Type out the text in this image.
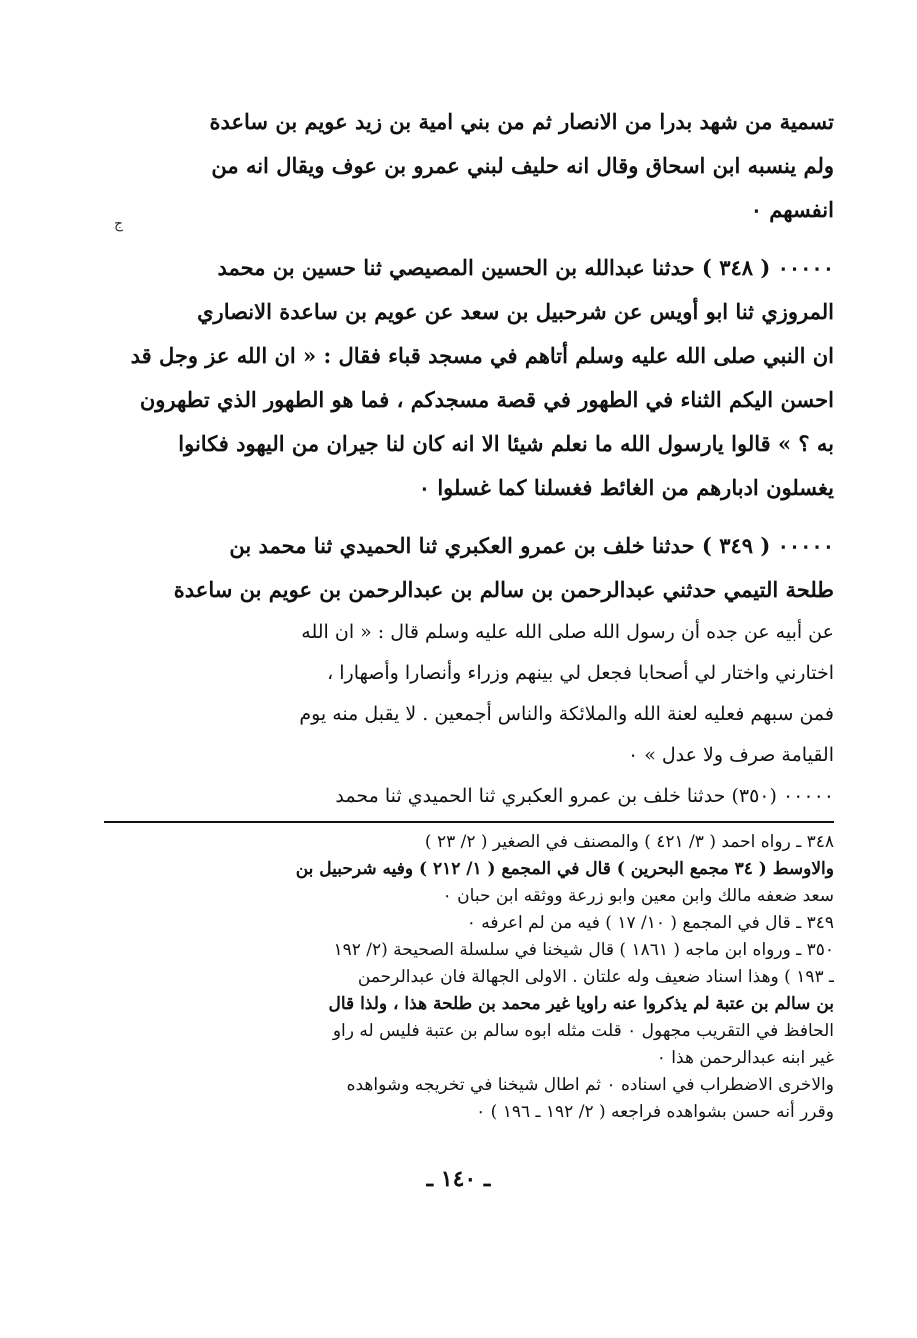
ج
تسمية من شهد بدرا من الانصار ثم من بني امية بن زيد عويم بن ساعدة
ولم ينسبه ابن اسحاق وقال انه حليف لبني عمرو بن عوف ويقال انه من
انفسهم ٠
٠٠٠٠٠ ( ٣٤٨ ) حدثنا عبدالله بن الحسين المصيصي ثنا حسين بن محمد
المروزي ثنا ابو أويس عن شرحبيل بن سعد عن عويم بن ساعدة الانصاري
ان النبي صلى الله عليه وسلم أتاهم في مسجد قباء فقال : « ان الله عز وجل قد
احسن اليكم الثناء في الطهور في قصة مسجدكم ، فما هو الطهور الذي تطهرون
به ؟ » قالوا يارسول الله ما نعلم شيئا الا انه كان لنا جيران من اليهود فكانوا
يغسلون ادبارهم من الغائط فغسلنا كما غسلوا ٠
٠٠٠٠٠ ( ٣٤٩ ) حدثنا خلف بن عمرو العكبري ثنا الحميدي ثنا محمد بن
طلحة التيمي حدثني عبدالرحمن بن سالم بن عبدالرحمن بن عويم بن ساعدة
عن أبيه عن جده أن رسول الله صلى الله عليه وسلم قال : « ان الله
اختارني واختار لي أصحابا فجعل لي بينهم وزراء وأنصارا وأصهارا ،
فمن سبهم فعليه لعنة الله والملائكة والناس أجمعين . لا يقبل منه يوم
القيامة صرف ولا عدل » ٠
٠٠٠٠٠ (٣٥٠) حدثنا خلف بن عمرو العكبري ثنا الحميدي ثنا محمد
٣٤٨ ـ رواه احمد ( ٣/ ٤٢١ ) والمصنف في الصغير ( ٢/ ٢٣ )
والاوسط ( ٣٤ مجمع البحرين ) قال في المجمع ( ١/ ٢١٢ ) وفيه شرحبيل بن
سعد ضعفه مالك وابن معين وابو زرعة ووثقه ابن حبان ٠
٣٤٩ ـ قال في المجمع ( ١٠/ ١٧ ) فيه من لم اعرفه ٠
٣٥٠ ـ ورواه ابن ماجه ( ١٨٦١ ) قال شيخنا في سلسلة الصحيحة (٢/ ١٩٢
ـ ١٩٣ ) وهذا اسناد ضعيف وله علتان . الاولى الجهالة فان عبدالرحمن
بن سالم بن عتبة لم يذكروا عنه راويا غير محمد بن طلحة هذا ، ولذا قال
الحافظ في التقريب مجهول ٠ قلت مثله ابوه سالم بن عتبة فليس له راو
غير ابنه عبدالرحمن هذا ٠
والاخرى الاضطراب في اسناده ٠ ثم اطال شيخنا في تخريجه وشواهده
وقرر أنه حسن بشواهده فراجعه ( ٢/ ١٩٢ ـ ١٩٦ ) ٠
ـ ١٤٠ ـ
